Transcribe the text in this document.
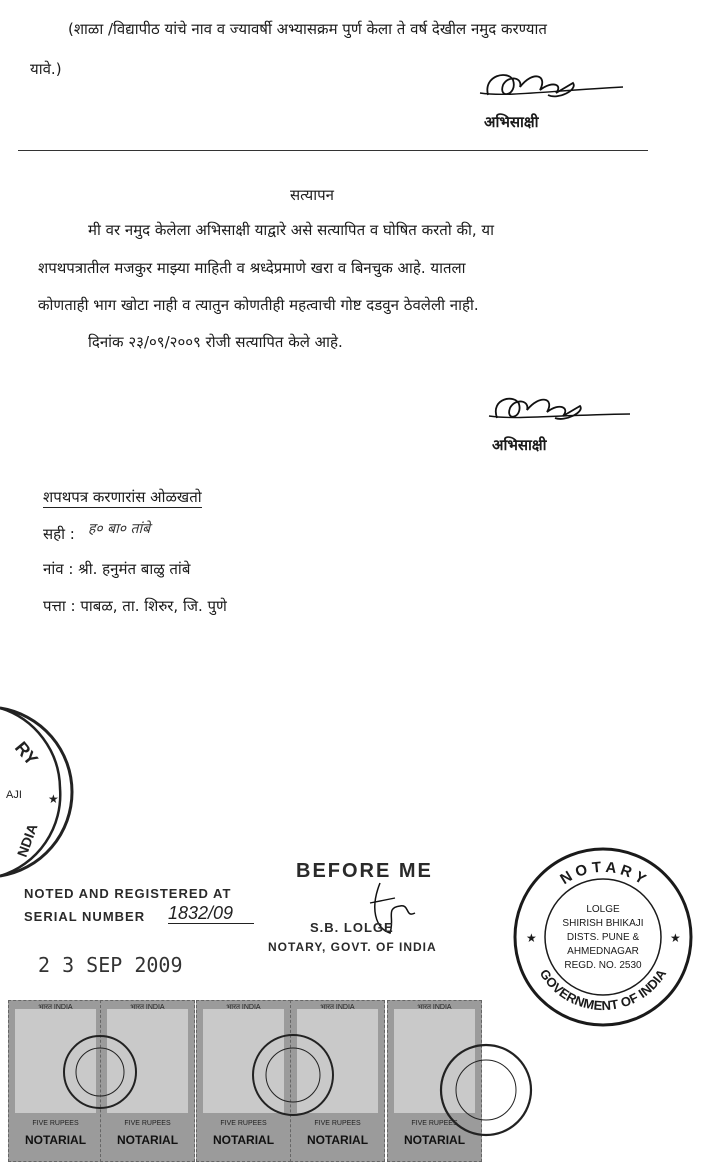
(शाळा /विद्यापीठ यांचे नाव व ज्यावर्षी अभ्यासक्रम पुर्ण केला ते वर्ष देखील नमुद करण्यात
यावे.)
अभिसाक्षी
सत्यापन
मी वर नमुद केलेला अभिसाक्षी याद्वारे असे सत्यापित व घोषित करतो की, या
शपथपत्रातील मजकुर माझ्या माहिती व श्रध्देप्रमाणे खरा व बिनचुक आहे. यातला
कोणताही भाग खोटा नाही व त्यातुन कोणतीही महत्वाची गोष्ट दडवुन ठेवलेली नाही.
दिनांक २३/०९/२००९ रोजी सत्यापित केले आहे.
अभिसाक्षी
शपथपत्र करणारांस ओळखतो
सही : ह० बा० तांबे
नांव : श्री. हनुमंत बाळु तांबे
पत्ता : पाबळ, ता. शिरुर, जि. पुणे
RY
AJI
NDIA
★
NOTED AND REGISTERED AT
SERIAL NUMBER 1832/09
2 3 SEP 2009
BEFORE ME
S.B. LOLGE
NOTARY, GOVT. OF INDIA
N O T A R Y
GOVERNMENT OF INDIA
★	★
LOLGE
SHIRISH BHIKAJI
DISTS. PUNE &
AHMEDNAGAR
REGD. NO. 2530
भारत INDIA
FIVE RUPEES
NOTARIAL
भारत INDIA
FIVE RUPEES
NOTARIAL
भारत INDIA
FIVE RUPEES
NOTARIAL
भारत INDIA
FIVE RUPEES
NOTARIAL
भारत INDIA
FIVE RUPEES
NOTARIAL
